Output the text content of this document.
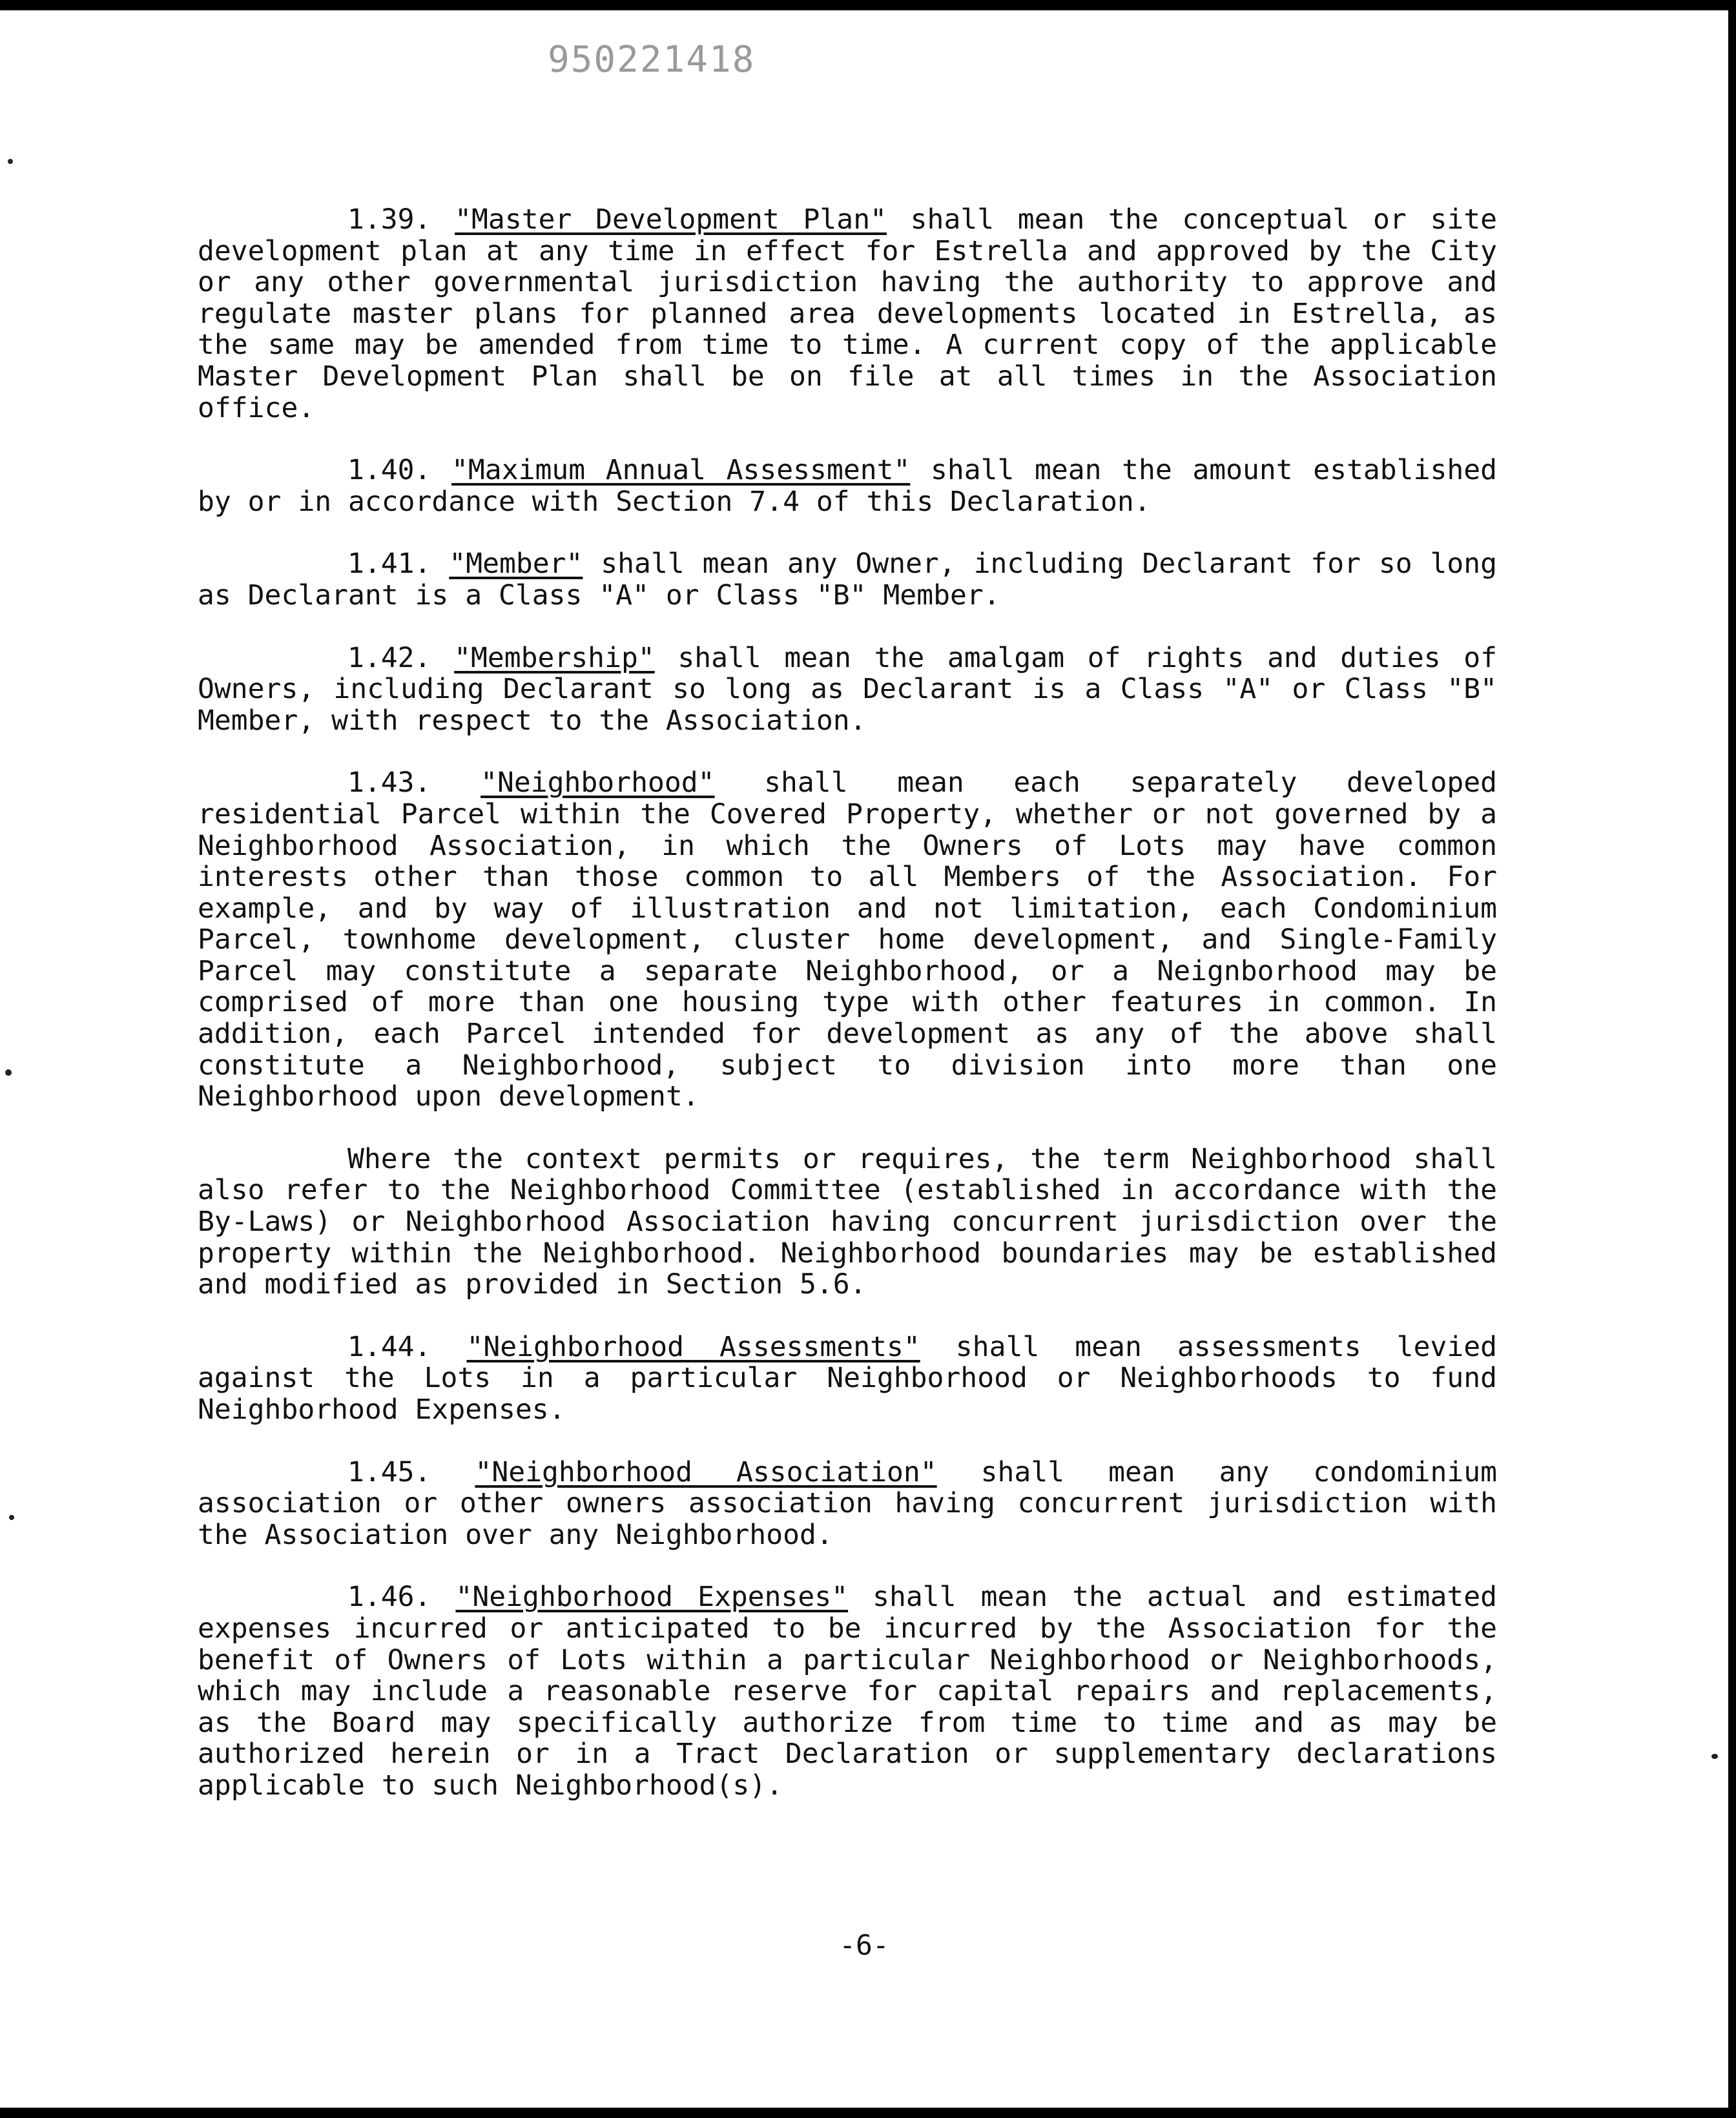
950221418

1.39. "Master Development Plan" shall mean the conceptual or site development plan at any time in effect for Estrella and approved by the City or any other governmental jurisdiction having the authority to approve and regulate master plans for planned area developments located in Estrella, as the same may be amended from time to time. A current copy of the applicable Master Development Plan shall be on file at all times in the Association office.

1.40. "Maximum Annual Assessment" shall mean the amount established by or in accordance with Section 7.4 of this Declaration.

1.41. "Member" shall mean any Owner, including Declarant for so long as Declarant is a Class "A" or Class "B" Member.

1.42. "Membership" shall mean the amalgam of rights and duties of Owners, including Declarant so long as Declarant is a Class "A" or Class "B" Member, with respect to the Association.

1.43. "Neighborhood" shall mean each separately developed residential Parcel within the Covered Property, whether or not governed by a Neighborhood Association, in which the Owners of Lots may have common interests other than those common to all Members of the Association. For example, and by way of illustration and not limitation, each Condominium Parcel, townhome development, cluster home development, and Single-Family Parcel may constitute a separate Neighborhood, or a Neignborhood may be comprised of more than one housing type with other features in common. In addition, each Parcel intended for development as any of the above shall constitute a Neighborhood, subject to division into more than one Neighborhood upon development.

Where the context permits or requires, the term Neighborhood shall also refer to the Neighborhood Committee (established in accordance with the By-Laws) or Neighborhood Association having concurrent jurisdiction over the property within the Neighborhood. Neighborhood boundaries may be established and modified as provided in Section 5.6.

1.44. "Neighborhood Assessments" shall mean assessments levied against the Lots in a particular Neighborhood or Neighborhoods to fund Neighborhood Expenses.

1.45. "Neighborhood Association" shall mean any condominium association or other owners association having concurrent jurisdiction with the Association over any Neighborhood.

1.46. "Neighborhood Expenses" shall mean the actual and estimated expenses incurred or anticipated to be incurred by the Association for the benefit of Owners of Lots within a particular Neighborhood or Neighborhoods, which may include a reasonable reserve for capital repairs and replacements, as the Board may specifically authorize from time to time and as may be authorized herein or in a Tract Declaration or supplementary declarations applicable to such Neighborhood(s).

-6-
